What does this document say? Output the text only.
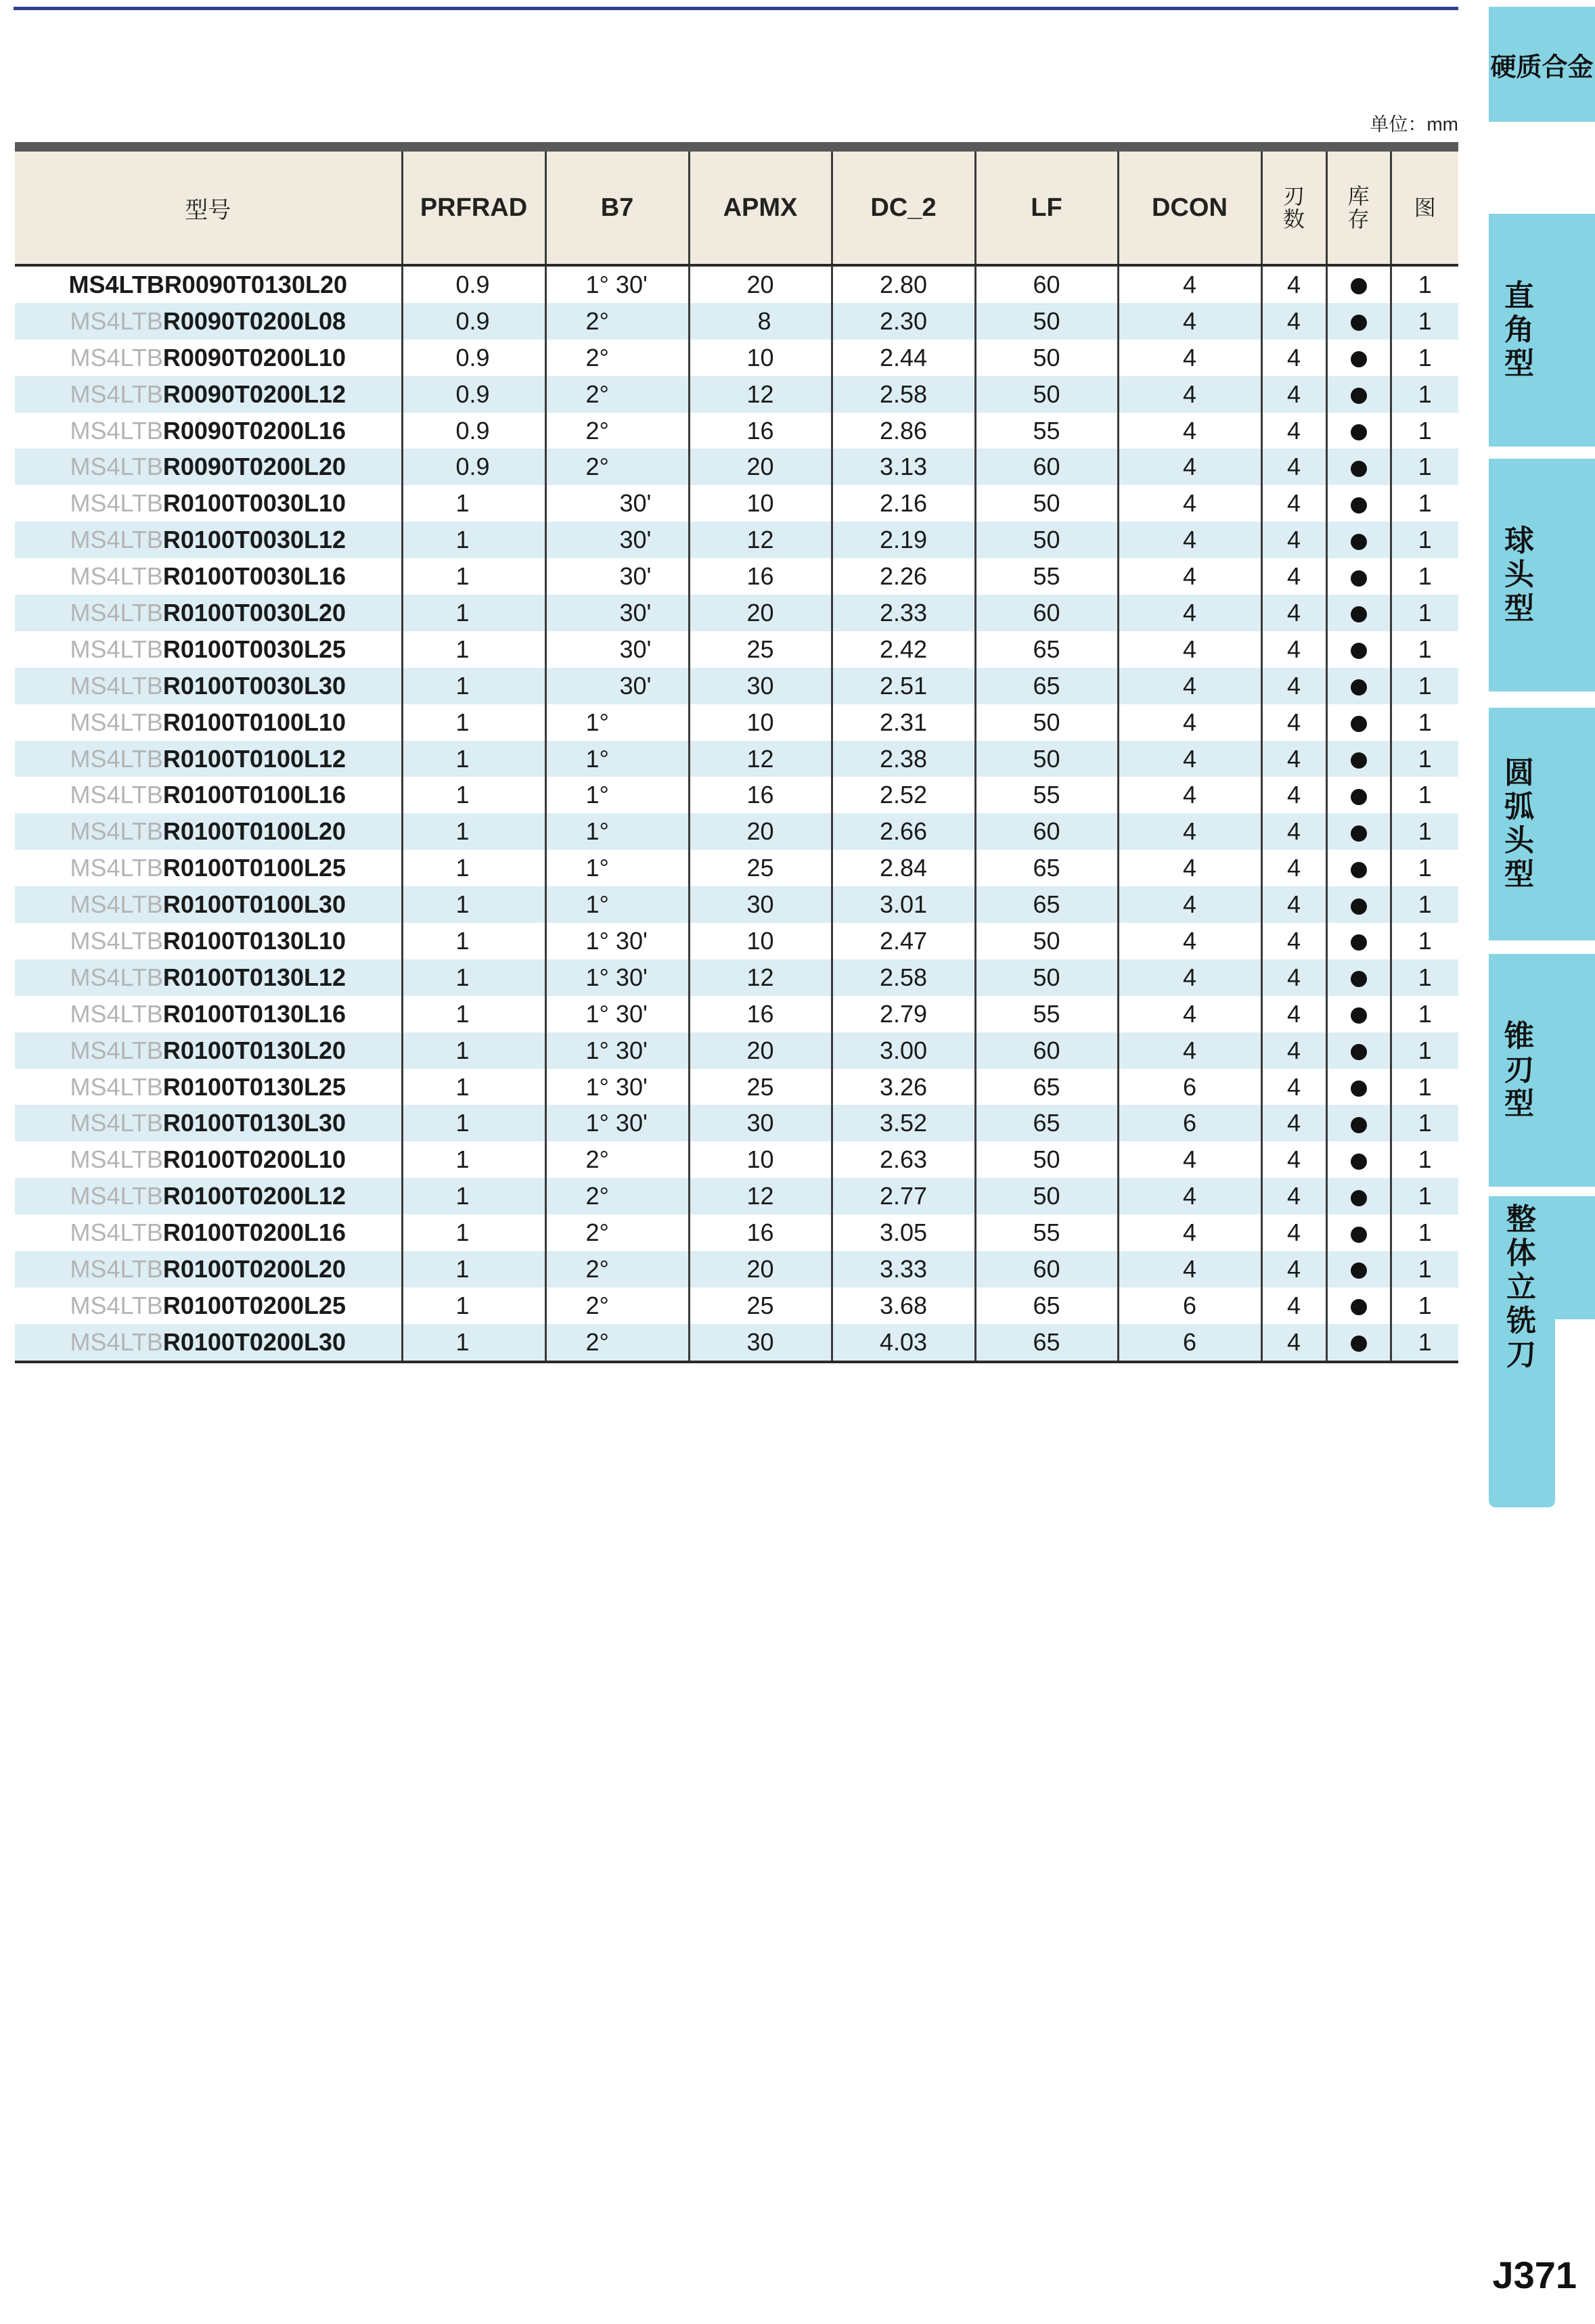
单位：mm
型号	PRFRAD	B7	APMX	DC_2	LF	DCON	刃数	库存	图
MS4LTBR0090T0130L20	0.9	1° 30'	20	2.80	60	4	4		1
MS4LTBR0090T0200L08	0.9	2°	8	2.30	50	4	4		1
MS4LTBR0090T0200L10	0.9	2°	10	2.44	50	4	4		1
MS4LTBR0090T0200L12	0.9	2°	12	2.58	50	4	4		1
MS4LTBR0090T0200L16	0.9	2°	16	2.86	55	4	4		1
MS4LTBR0090T0200L20	0.9	2°	20	3.13	60	4	4		1
MS4LTBR0100T0030L10	1	30'	10	2.16	50	4	4		1
MS4LTBR0100T0030L12	1	30'	12	2.19	50	4	4		1
MS4LTBR0100T0030L16	1	30'	16	2.26	55	4	4		1
MS4LTBR0100T0030L20	1	30'	20	2.33	60	4	4		1
MS4LTBR0100T0030L25	1	30'	25	2.42	65	4	4		1
MS4LTBR0100T0030L30	1	30'	30	2.51	65	4	4		1
MS4LTBR0100T0100L10	1	1°	10	2.31	50	4	4		1
MS4LTBR0100T0100L12	1	1°	12	2.38	50	4	4		1
MS4LTBR0100T0100L16	1	1°	16	2.52	55	4	4		1
MS4LTBR0100T0100L20	1	1°	20	2.66	60	4	4		1
MS4LTBR0100T0100L25	1	1°	25	2.84	65	4	4		1
MS4LTBR0100T0100L30	1	1°	30	3.01	65	4	4		1
MS4LTBR0100T0130L10	1	1° 30'	10	2.47	50	4	4		1
MS4LTBR0100T0130L12	1	1° 30'	12	2.58	50	4	4		1
MS4LTBR0100T0130L16	1	1° 30'	16	2.79	55	4	4		1
MS4LTBR0100T0130L20	1	1° 30'	20	3.00	60	4	4		1
MS4LTBR0100T0130L25	1	1° 30'	25	3.26	65	6	4		1
MS4LTBR0100T0130L30	1	1° 30'	30	3.52	65	6	4		1
MS4LTBR0100T0200L10	1	2°	10	2.63	50	4	4		1
MS4LTBR0100T0200L12	1	2°	12	2.77	50	4	4		1
MS4LTBR0100T0200L16	1	2°	16	3.05	55	4	4		1
MS4LTBR0100T0200L20	1	2°	20	3.33	60	4	4		1
MS4LTBR0100T0200L25	1	2°	25	3.68	65	6	4		1
MS4LTBR0100T0200L30	1	2°	30	4.03	65	6	4		1
硬质合金
直角型
球头型
圆弧头型
锥刃型
整体立铣刀
J371
